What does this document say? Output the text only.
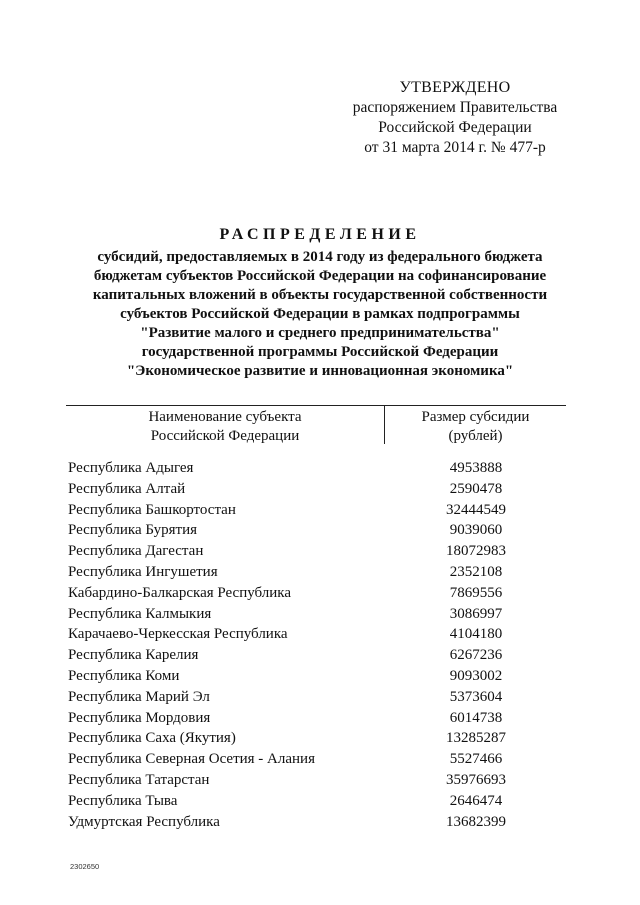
УТВЕРЖДЕНО
распоряжением Правительства
Российской Федерации
от 31 марта 2014 г. № 477-р
РАСПРЕДЕЛЕНИЕ
субсидий, предоставляемых в 2014 году из федерального бюджета
бюджетам субъектов Российской Федерации на софинансирование
капитальных вложений в объекты государственной собственности
субъектов Российской Федерации в рамках подпрограммы
"Развитие малого и среднего предпринимательства"
государственной программы Российской Федерации
"Экономическое развитие и инновационная экономика"
Наименование субъекта
Российской Федерации
Размер субсидии
(рублей)
Республика Адыгея	4953888
Республика Алтай	2590478
Республика Башкортостан	32444549
Республика Бурятия	9039060
Республика Дагестан	18072983
Республика Ингушетия	2352108
Кабардино-Балкарская Республика	7869556
Республика Калмыкия	3086997
Карачаево-Черкесская Республика	4104180
Республика Карелия	6267236
Республика Коми	9093002
Республика Марий Эл	5373604
Республика Мордовия	6014738
Республика Саха (Якутия)	13285287
Республика Северная Осетия - Алания	5527466
Республика Татарстан	35976693
Республика Тыва	2646474
Удмуртская Республика	13682399
2302650
